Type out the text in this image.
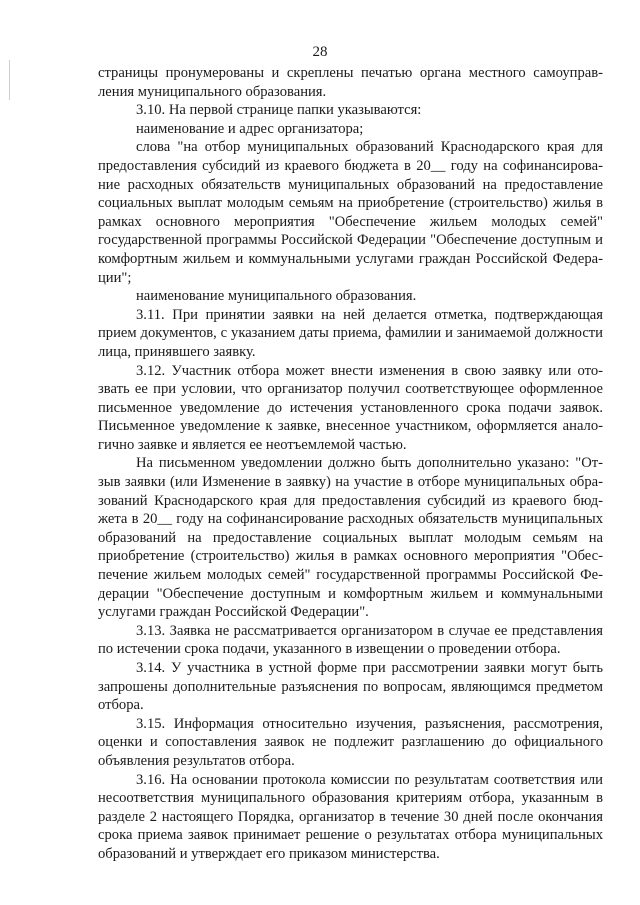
28

страницы пронумерованы и скреплены печатью органа местного самоуправления муниципального образования.

3.10. На первой странице папки указываются:

наименование и адрес организатора;

слова "на отбор муниципальных образований Краснодарского края для предоставления субсидий из краевого бюджета в 20__ году на софинансирование расходных обязательств муниципальных образований на предоставление социальных выплат молодым семьям на приобретение (строительство) жилья в рамках основного мероприятия "Обеспечение жильем молодых семей" государственной программы Российской Федерации "Обеспечение доступным и комфортным жильем и коммунальными услугами граждан Российской Федерации";

наименование муниципального образования.

3.11. При принятии заявки на ней делается отметка, подтверждающая прием документов, с указанием даты приема, фамилии и занимаемой должности лица, принявшего заявку.

3.12. Участник отбора может внести изменения в свою заявку или отозвать ее при условии, что организатор получил соответствующее оформленное письменное уведомление до истечения установленного срока подачи заявок. Письменное уведомление к заявке, внесенное участником, оформляется аналогично заявке и является ее неотъемлемой частью.

На письменном уведомлении должно быть дополнительно указано: "Отзыв заявки (или Изменение в заявку) на участие в отборе муниципальных образований Краснодарского края для предоставления субсидий из краевого бюджета в 20__ году на софинансирование расходных обязательств муниципальных образований на предоставление социальных выплат молодым семьям на приобретение (строительство) жилья в рамках основного мероприятия "Обеспечение жильем молодых семей" государственной программы Российской Федерации "Обеспечение доступным и комфортным жильем и коммунальными услугами граждан Российской Федерации".

3.13. Заявка не рассматривается организатором в случае ее представления по истечении срока подачи, указанного в извещении о проведении отбора.

3.14. У участника в устной форме при рассмотрении заявки могут быть запрошены дополнительные разъяснения по вопросам, являющимся предметом отбора.

3.15. Информация относительно изучения, разъяснения, рассмотрения, оценки и сопоставления заявок не подлежит разглашению до официального объявления результатов отбора.

3.16. На основании протокола комиссии по результатам соответствия или несоответствия муниципального образования критериям отбора, указанным в разделе 2 настоящего Порядка, организатор в течение 30 дней после окончания срока приема заявок принимает решение о результатах отбора муниципальных образований и утверждает его приказом министерства.
